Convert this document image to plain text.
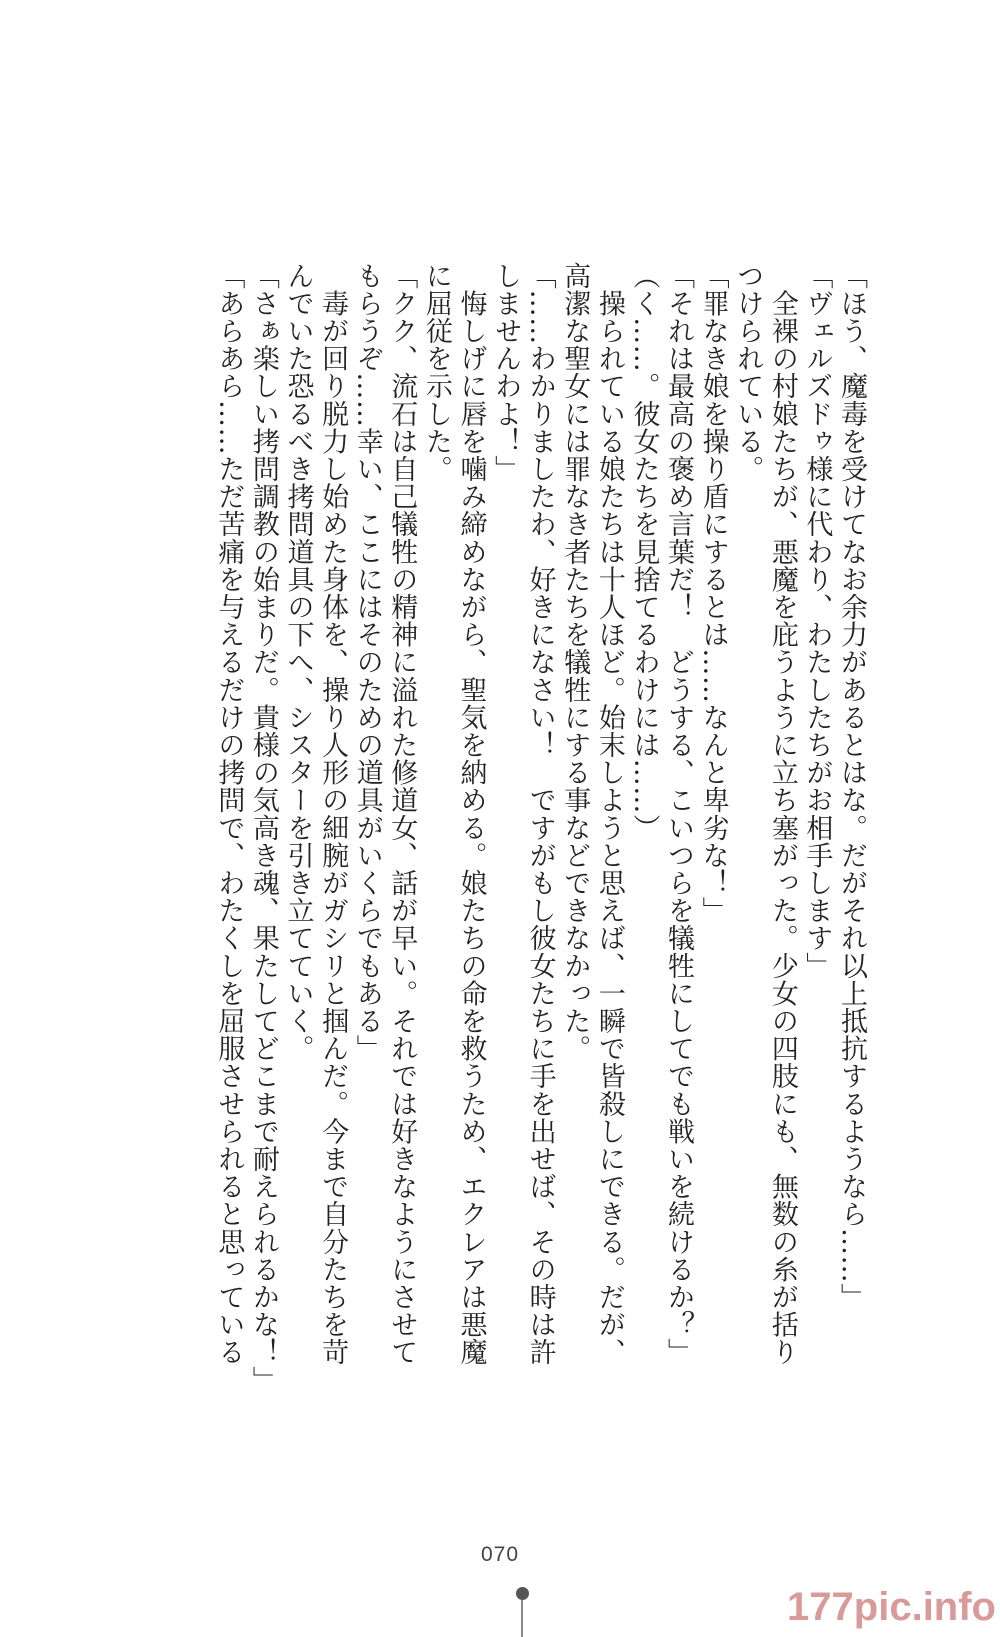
「ほう、魔毒を受けてなお余力があるとはな。だがそれ以上抵抗するようなら……」
「ヴェルズドゥ様に代わり、わたしたちがお相手します」
　全裸の村娘たちが、悪魔を庇うように立ち塞がった。少女の四肢にも、無数の糸が括り
つけられている。
「罪なき娘を操り盾にするとは……なんと卑劣な！」
「それは最高の褒め言葉だ！　どうする、こいつらを犠牲にしてでも戦いを続けるか？」
（く……。彼女たちを見捨てるわけには……）
　操られている娘たちは十人ほど。始末しようと思えば、一瞬で皆殺しにできる。だが、
高潔な聖女には罪なき者たちを犠牲にする事などできなかった。
「……わかりましたわ、好きになさい！　ですがもし彼女たちに手を出せば、その時は許
しませんわよ！」
　悔しげに唇を噛み締めながら、聖気を納める。娘たちの命を救うため、エクレアは悪魔
に屈従を示した。
「クク、流石は自己犠牲の精神に溢れた修道女、話が早い。それでは好きなようにさせて
もらうぞ……幸い、ここにはそのための道具がいくらでもある」
　毒が回り脱力し始めた身体を、操り人形の細腕がガシリと掴んだ。今まで自分たちを苛
んでいた恐るべき拷問道具の下へ、シスターを引き立てていく。
「さぁ楽しい拷問調教の始まりだ。貴様の気高き魂、果たしてどこまで耐えられるかな！」
「あらあら……ただ苦痛を与えるだけの拷問で、わたくしを屈服させられると思っている
070
177pic.info
